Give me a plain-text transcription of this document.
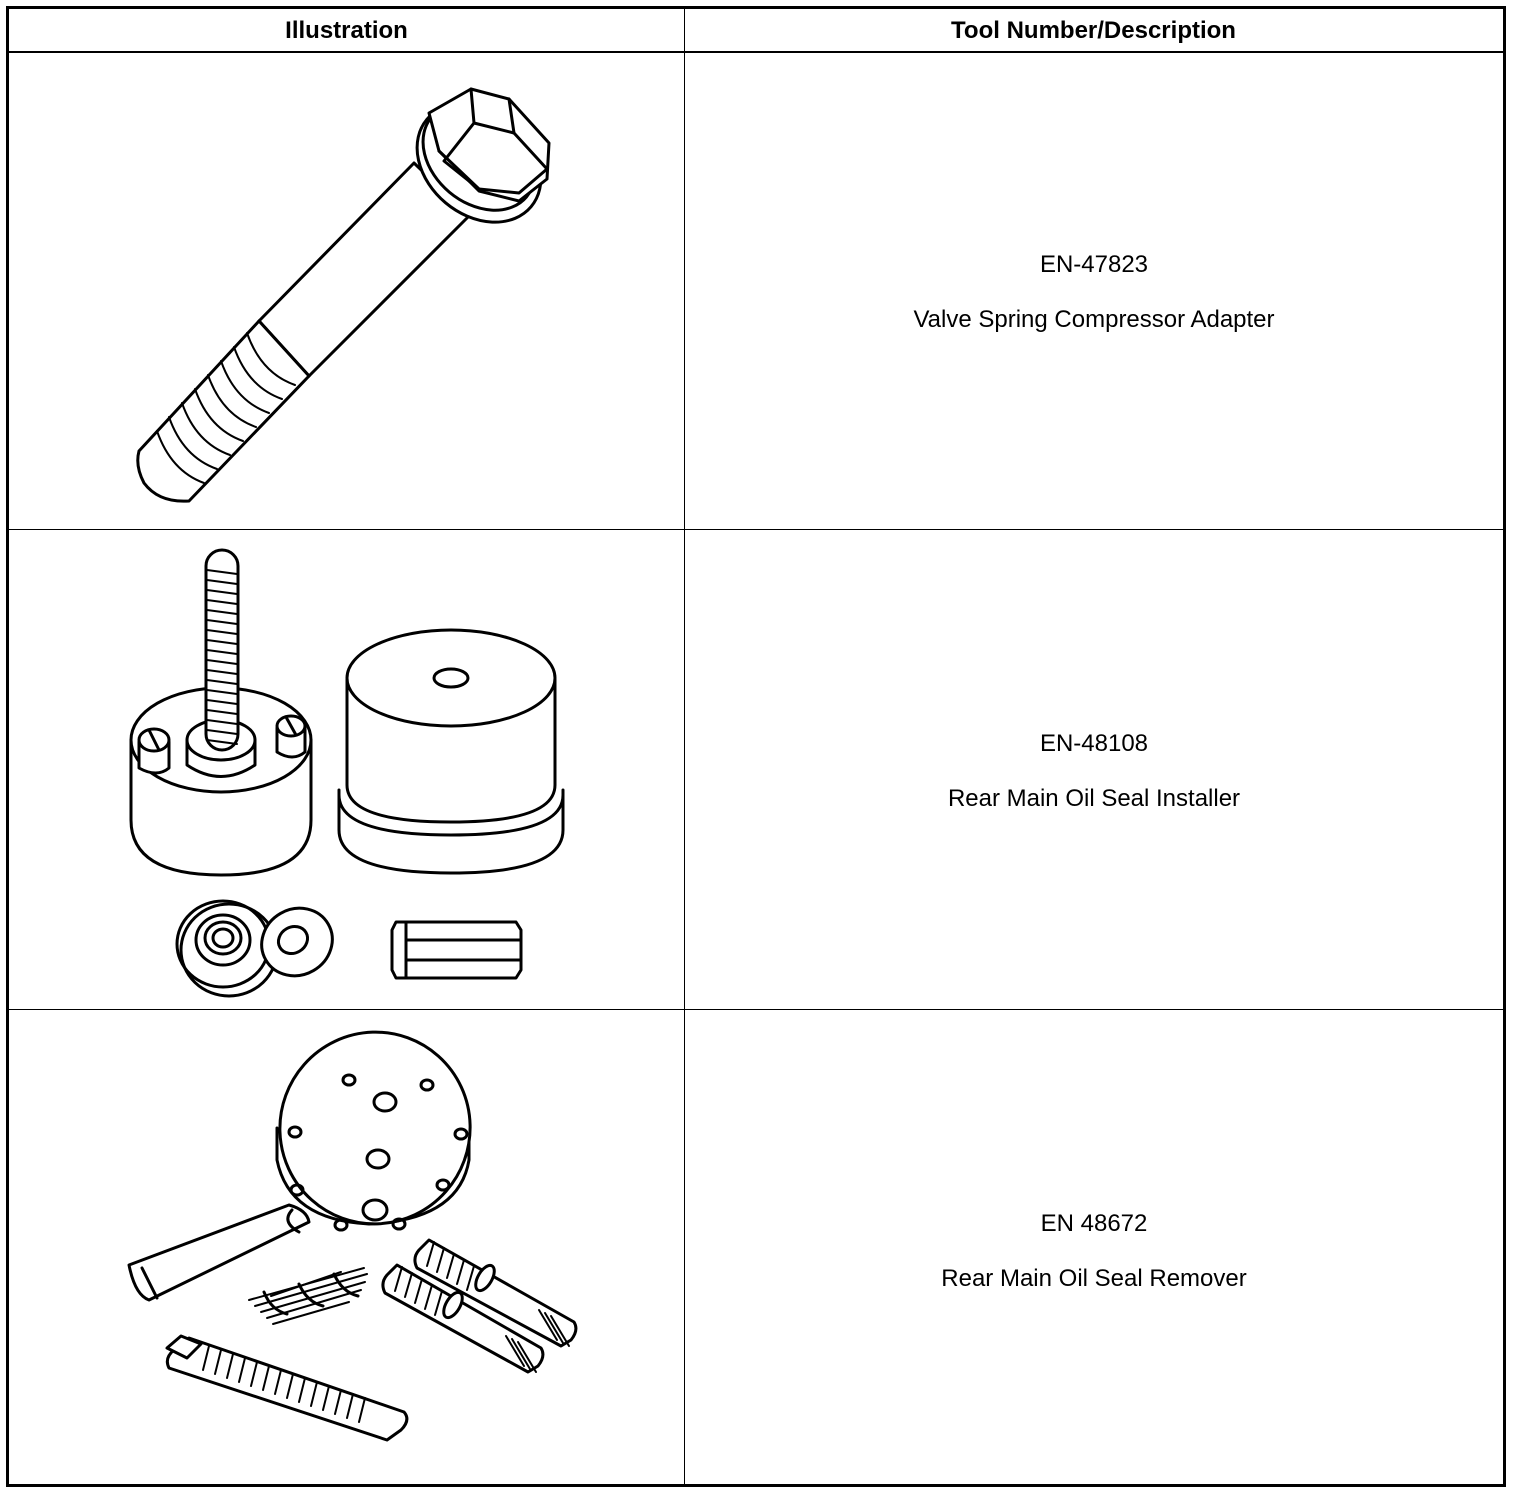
Illustration	Tool Number/Description
EN-47823
Valve Spring Compressor Adapter
EN-48108
Rear Main Oil Seal Installer
EN 48672
Rear Main Oil Seal Remover
